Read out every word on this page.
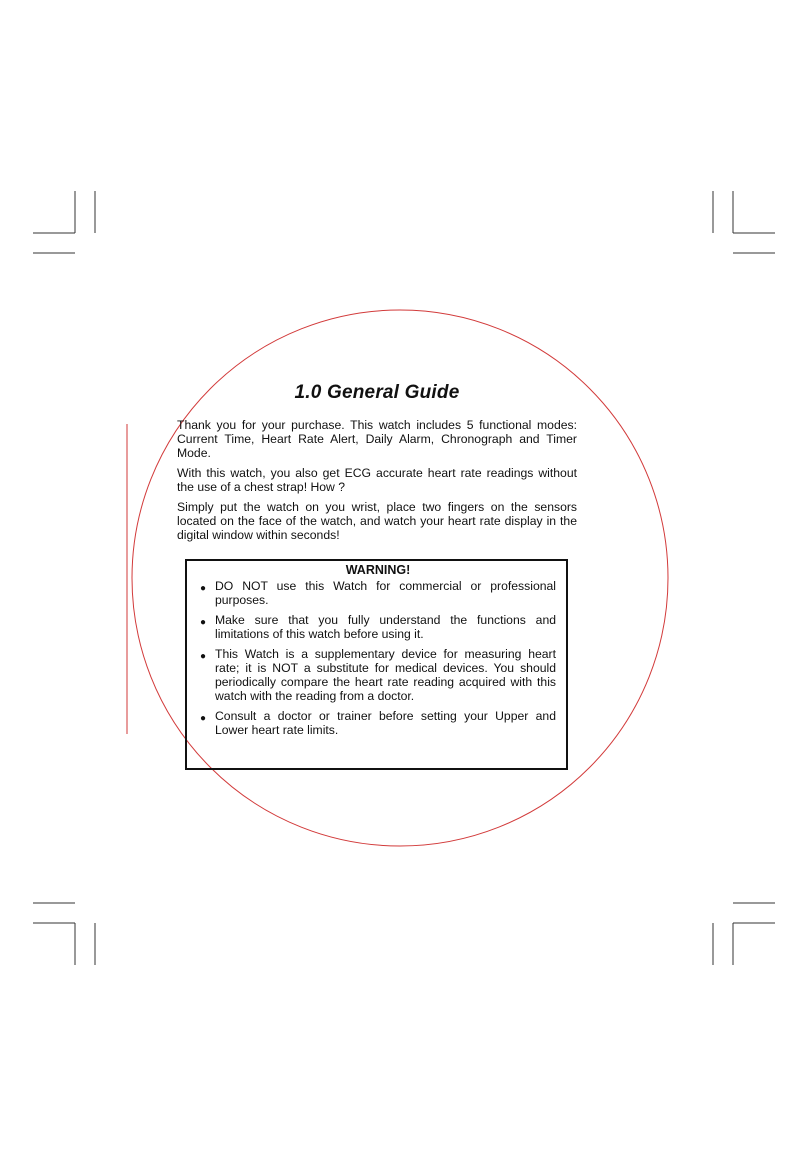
1.0 General Guide

Thank you for your purchase. This watch includes 5 functional modes: Current Time, Heart Rate Alert, Daily Alarm, Chronograph and Timer Mode.

With this watch, you also get ECG accurate heart rate readings without the use of a chest strap! How ?

Simply put the watch on you wrist, place two fingers on the sensors located on the face of the watch, and watch your heart rate display in the digital window within seconds!

WARNING!
● DO NOT use this Watch for commercial or professional purposes.
● Make sure that you fully understand the functions and limitations of this watch before using it.
● This Watch is a supplementary device for measuring heart rate; it is NOT a substitute for medical devices. You should periodically compare the heart rate reading acquired with this watch with the reading from a doctor.
● Consult a doctor or trainer before setting your Upper and Lower heart rate limits.
